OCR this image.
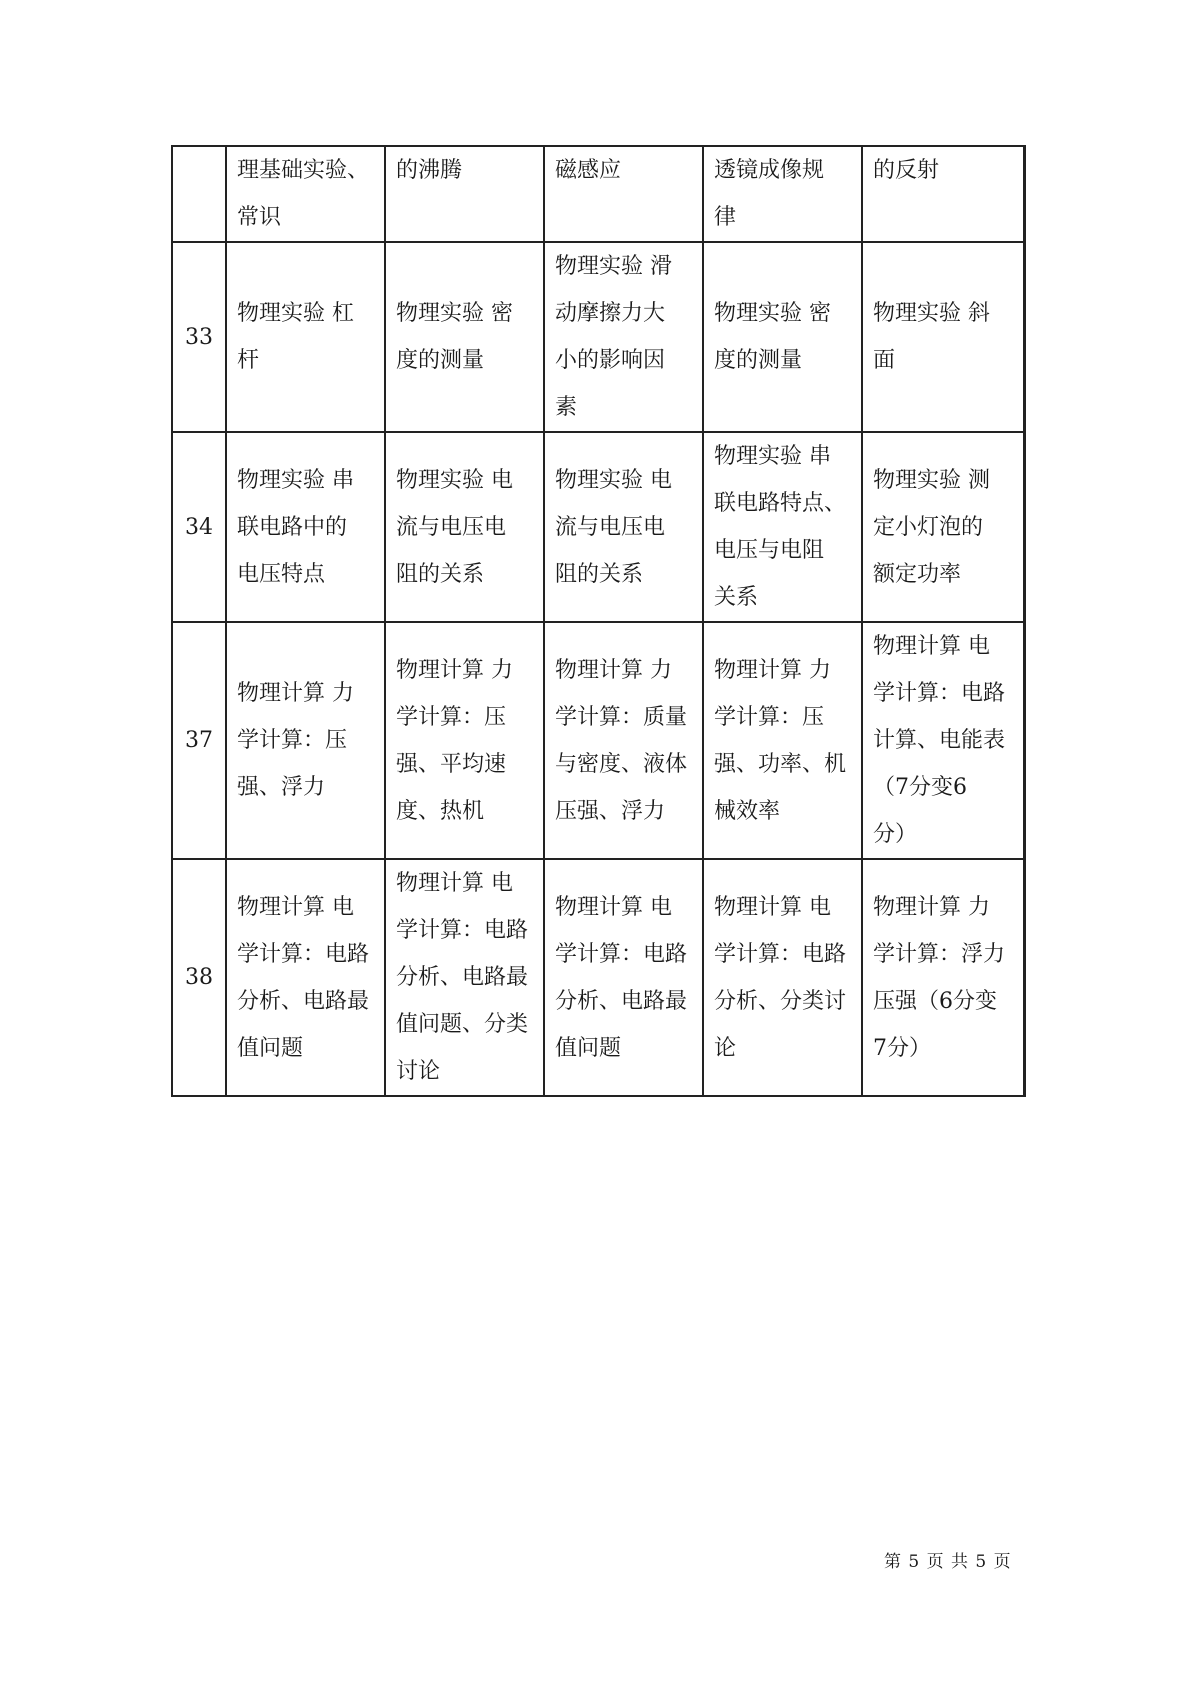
	理基础实验、
常识	的沸腾	磁感应	透镜成像规
律	的反射

33	物理实验 杠
杆	物理实验 密
度的测量	物理实验 滑
动摩擦力大
小的影响因
素	物理实验 密
度的测量	物理实验 斜
面

34	物理实验 串
联电路中的
电压特点	物理实验 电
流与电压电
阻的关系	物理实验 电
流与电压电
阻的关系	物理实验 串
联电路特点、
电压与电阻
关系	物理实验 测
定小灯泡的
额定功率

37	物理计算 力
学计算：压
强、浮力	物理计算 力
学计算：压
强、平均速
度、热机	物理计算 力
学计算：质量
与密度、液体
压强、浮力	物理计算 力
学计算：压
强、功率、机
械效率	物理计算 电
学计算：电路
计算、电能表
（7分变6
分）

38	物理计算 电
学计算：电路
分析、电路最
值问题	物理计算 电
学计算：电路
分析、电路最
值问题、分类
讨论	物理计算 电
学计算：电路
分析、电路最
值问题	物理计算 电
学计算：电路
分析、分类讨
论	物理计算 力
学计算：浮力
压强（6分变
7分）
第 5 页 共 5 页
